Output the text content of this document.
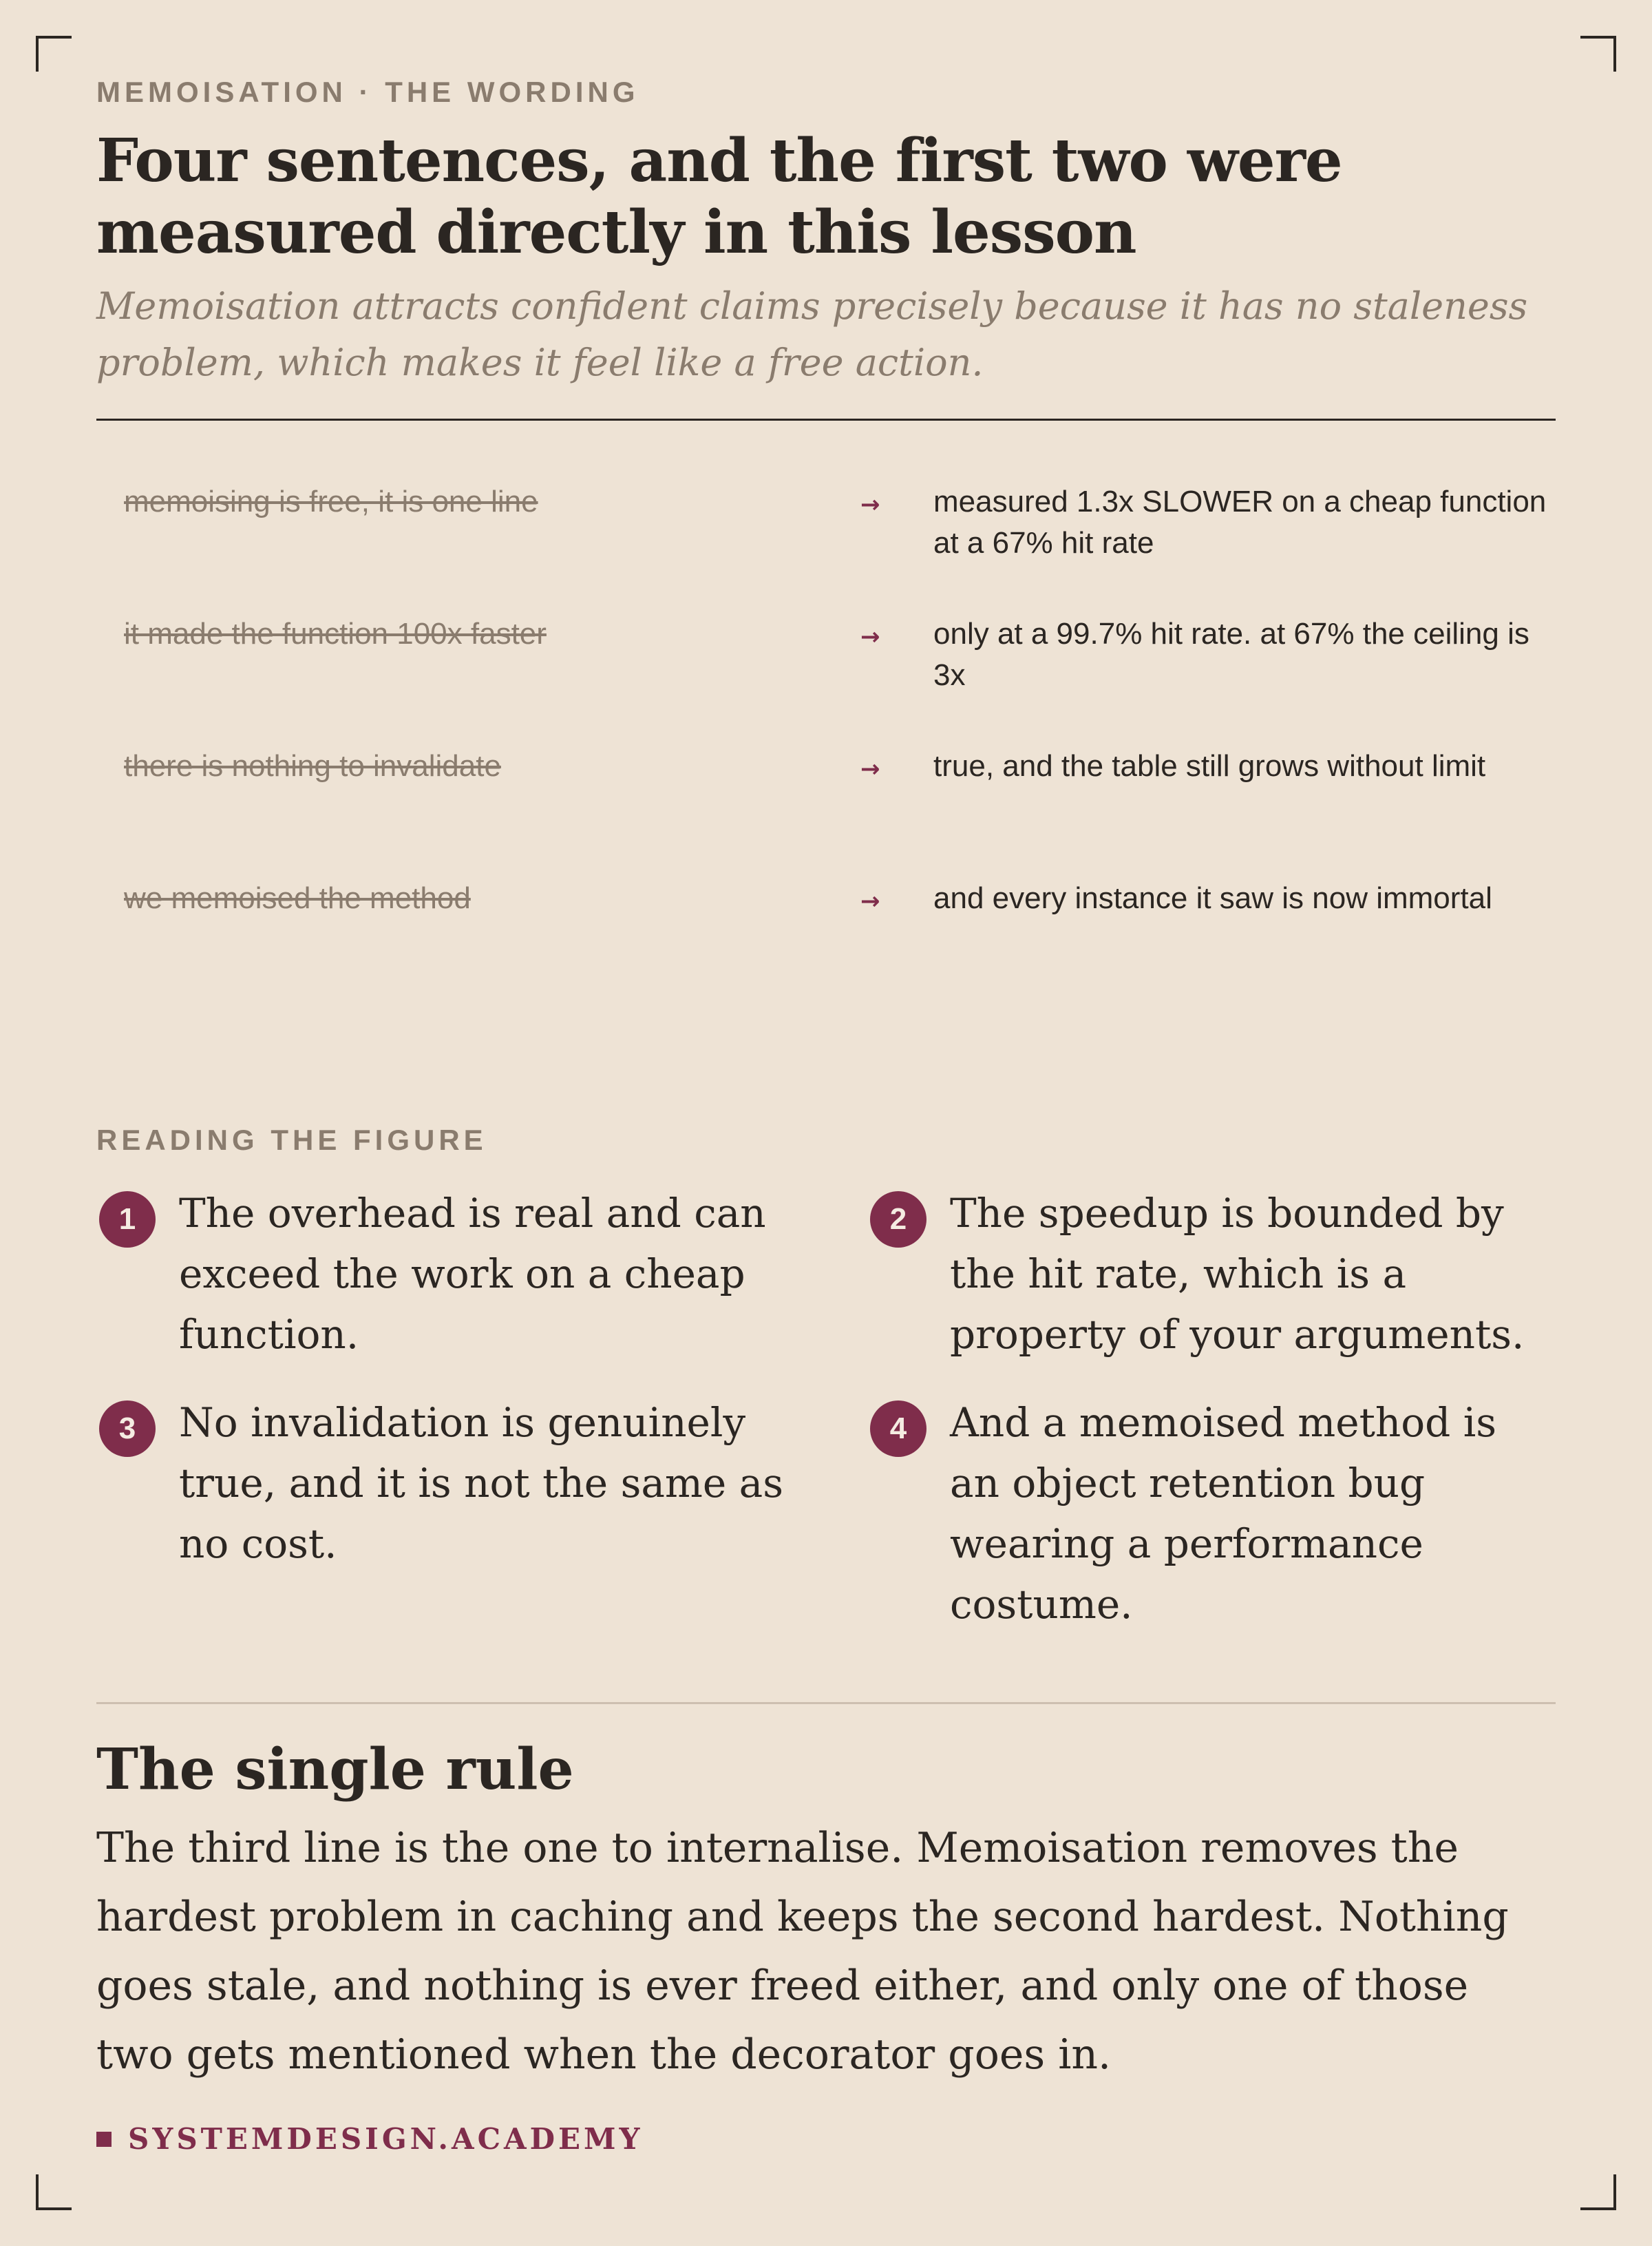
MEMOISATION · THE WORDING

Four sentences, and the first two were measured directly in this lesson

Memoisation attracts confident claims precisely because it has no staleness problem, which makes it feel like a free action.

memoising is free, it is one line	→	measured 1.3x SLOWER on a cheap function at a 67% hit rate
it made the function 100x faster	→	only at a 99.7% hit rate. at 67% the ceiling is 3x
there is nothing to invalidate	→	true, and the table still grows without limit
we memoised the method	→	and every instance it saw is now immortal

READING THE FIGURE

1	The overhead is real and can exceed the work on a cheap function.
2	The speedup is bounded by the hit rate, which is a property of your arguments.
3	No invalidation is genuinely true, and it is not the same as no cost.
4	And a memoised method is an object retention bug wearing a performance costume.
The single rule

The third line is the one to internalise. Memoisation removes the hardest problem in caching and keeps the second hardest. Nothing goes stale, and nothing is ever freed either, and only one of those two gets mentioned when the decorator goes in.

SYSTEMDESIGN.ACADEMY
